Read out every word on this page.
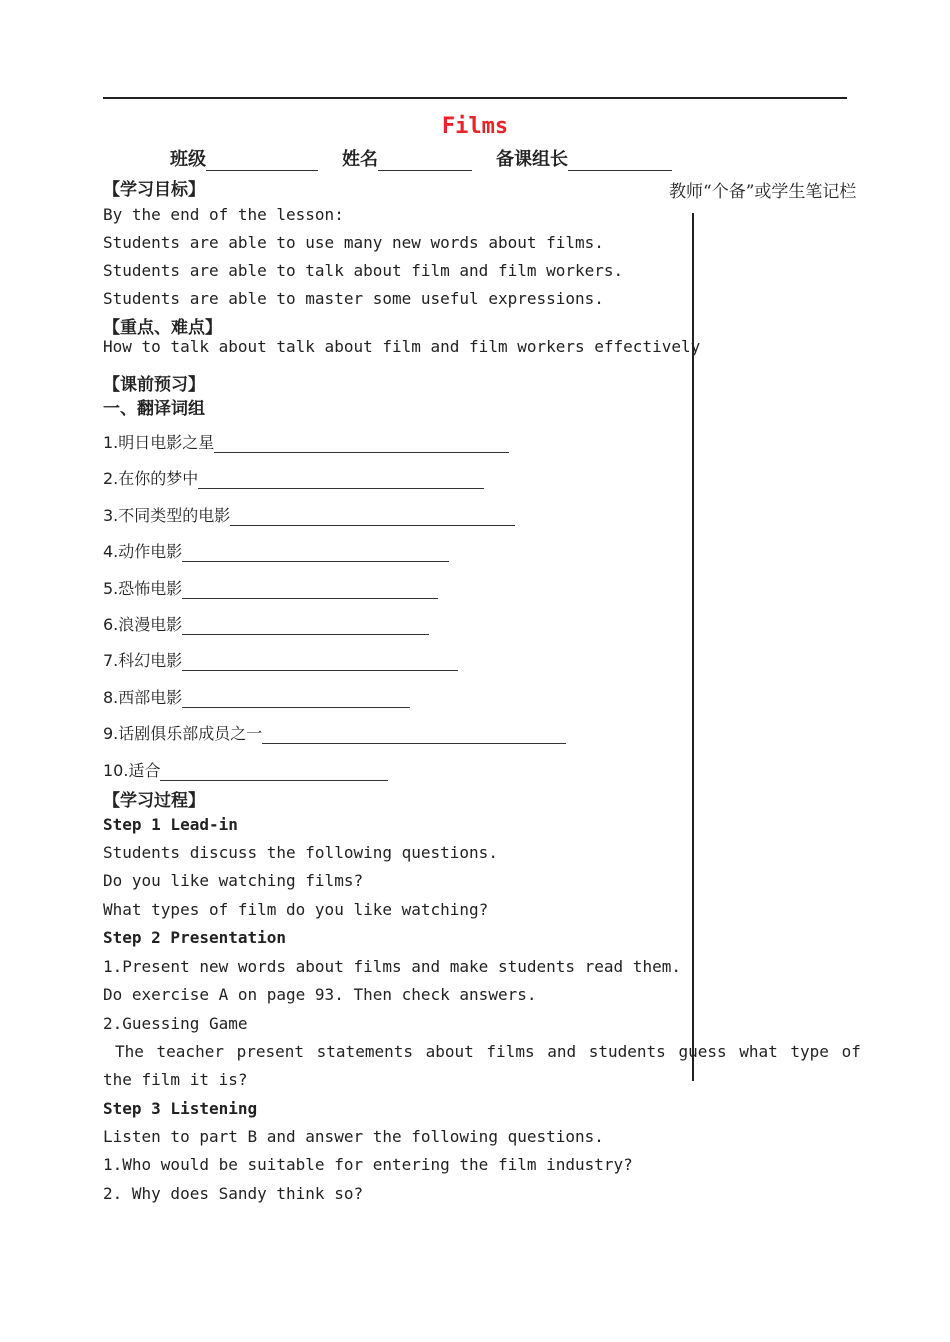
Films
班级	姓名	备课组长
【学习目标】	教师“个备”或学生笔记栏
By the end of the lesson:
Students are able to use many new words about films.
Students are able to talk about film and film workers.
Students are able to master some useful expressions.
【重点、难点】
How to talk about talk about film and film workers effectively
【课前预习】
一、翻译词组
1.明日电影之星
2.在你的梦中
3.不同类型的电影
4.动作电影
5.恐怖电影
6.浪漫电影
7.科幻电影
8.西部电影
9.话剧俱乐部成员之一
10.适合
【学习过程】
Step 1 Lead-in
Students discuss the following questions.
Do you like watching films?
What types of film do you like watching?
Step 2 Presentation
1.Present new words about films and make students read them.
Do exercise A on page 93. Then check answers.
2.Guessing Game
The teacher present statements about films and students guess what type of
the film it is?
Step 3 Listening
Listen to part B and answer the following questions.
1.Who would be suitable for entering the film industry?
2. Why does Sandy think so?
